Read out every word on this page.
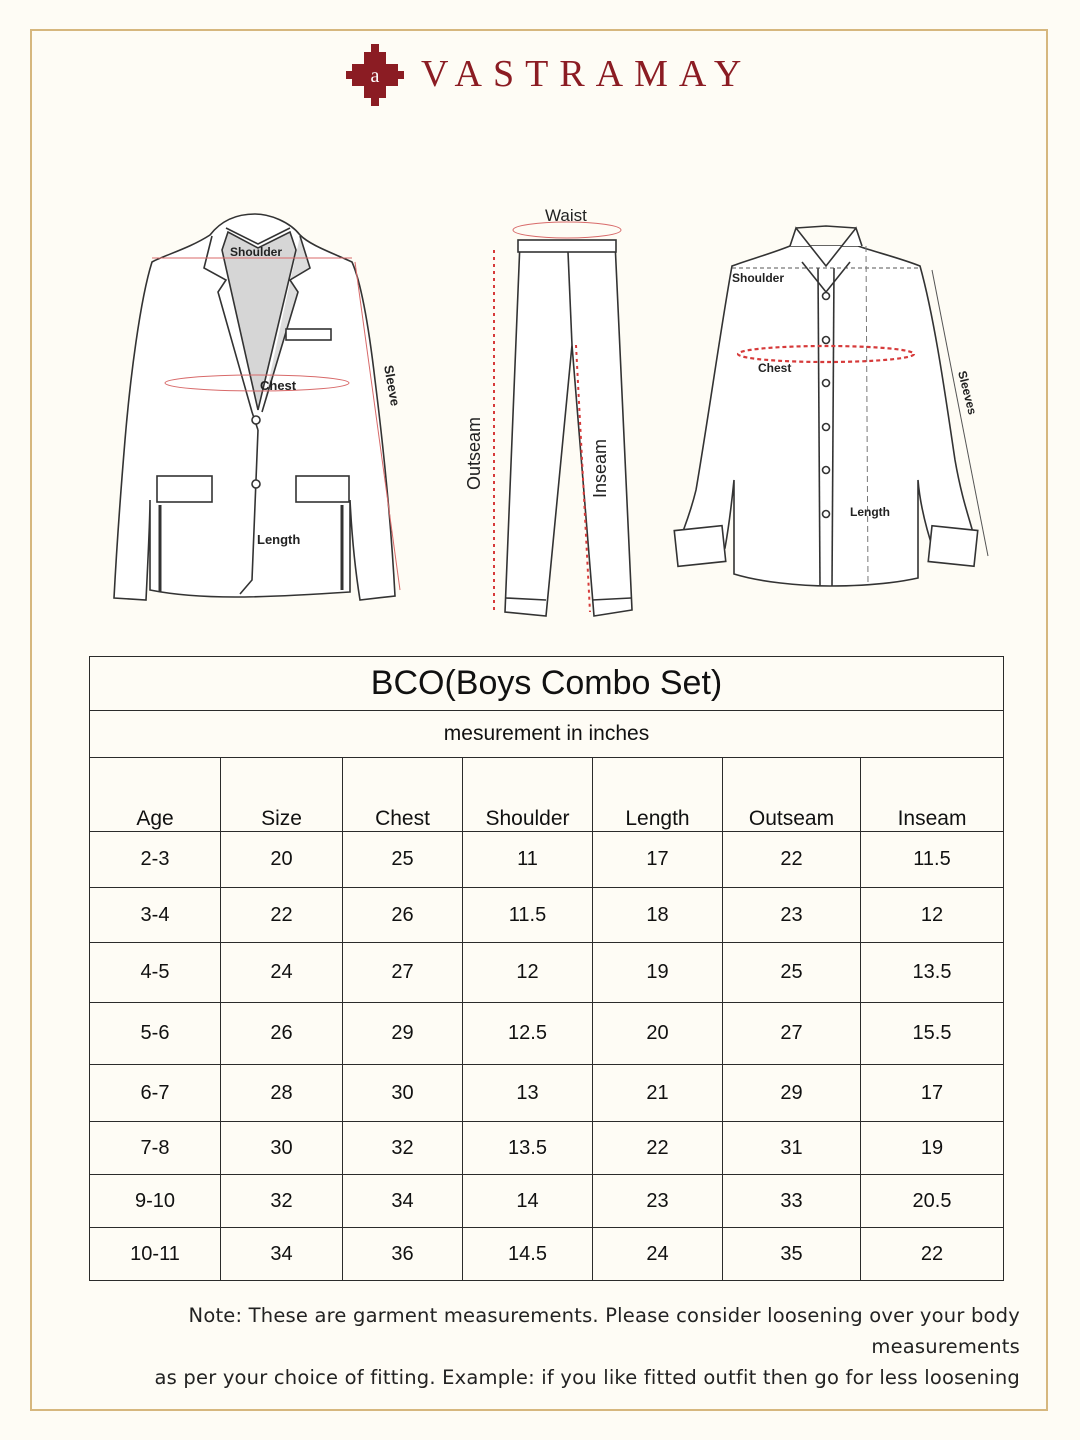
a VASTRAMAY
Shoulder
Chest
Length
Sleeve
Waist
Outseam	Inseam
Shoulder
Chest
Length
Sleeves
BCO(Boys Combo Set)						
mesurement in inches						
Age	Size	Chest	Shoulder	Length	Outseam	Inseam
2-3	20	25	11	17	22	11.5
3-4	22	26	11.5	18	23	12
4-5	24	27	12	19	25	13.5
5-6	26	29	12.5	20	27	15.5
6-7	28	30	13	21	29	17
7-8	30	32	13.5	22	31	19
9-10	32	34	14	23	33	20.5
10-11	34	36	14.5	24	35	22
Note: These are garment measurements. Please consider loosening over your body measurements
as per your choice of fitting. Example: if you like fitted outfit then go for less loosening
